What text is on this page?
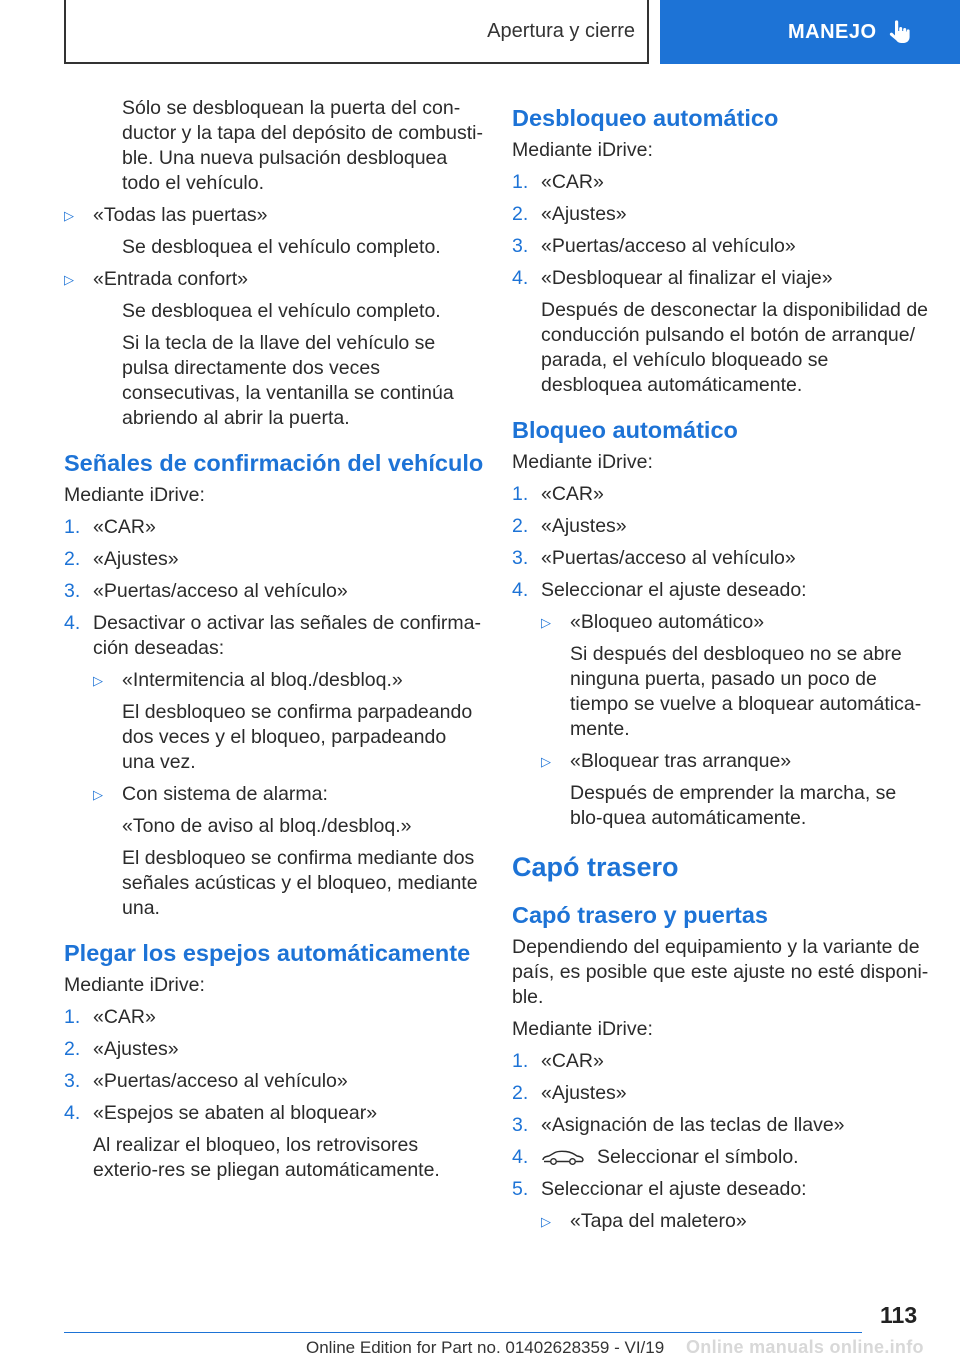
Apertura y cierre	MANEJO

Sólo se desbloquean la puerta del con-ductor y la tapa del depósito de combusti-ble. Una nueva pulsación desbloquea todo el vehículo.

▷ «Todas las puertas»

Se desbloquea el vehículo completo.

▷ «Entrada confort»

Se desbloquea el vehículo completo.

Si la tecla de la llave del vehículo se pulsa directamente dos veces consecutivas, la ventanilla se continúa abriendo al abrir la puerta.

Señales de confirmación del vehículo

Mediante iDrive:

1. «CAR»
2. «Ajustes»
3. «Puertas/acceso al vehículo»
4. Desactivar o activar las señales de confirma-ción deseadas:
▷ «Intermitencia al bloq./desbloq.»

El desbloqueo se confirma parpadeando dos veces y el bloqueo, parpadeando una vez.

▷ Con sistema de alarma:

«Tono de aviso al bloq./desbloq.»

El desbloqueo se confirma mediante dos señales acústicas y el bloqueo, mediante una.

Plegar los espejos automáticamente

Mediante iDrive:

1. «CAR»
2. «Ajustes»
3. «Puertas/acceso al vehículo»
4. «Espejos se abaten al bloquear»

Al realizar el bloqueo, los retrovisores exterio-res se pliegan automáticamente.

Desbloqueo automático

Mediante iDrive:

1. «CAR»
2. «Ajustes»
3. «Puertas/acceso al vehículo»
4. «Desbloquear al finalizar el viaje»

Después de desconectar la disponibilidad de conducción pulsando el botón de arranque/ parada, el vehículo bloqueado se desbloquea automáticamente.

Bloqueo automático

Mediante iDrive:

1. «CAR»
2. «Ajustes»
3. «Puertas/acceso al vehículo»
4. Seleccionar el ajuste deseado:
▷ «Bloqueo automático»

Si después del desbloqueo no se abre ninguna puerta, pasado un poco de tiempo se vuelve a bloquear automática-mente.

▷ «Bloquear tras arranque»

Después de emprender la marcha, se blo-quea automáticamente.

Capó trasero
Capó trasero y puertas

Dependiendo del equipamiento y la variante de país, es posible que este ajuste no esté disponi-ble.

Mediante iDrive:

1. «CAR»
2. «Ajustes»
3. «Asignación de las teclas de llave»
4.	Seleccionar el símbolo.
5. Seleccionar el ajuste deseado:
▷ «Tapa del maletero»
113
Online Edition for Part no. 01402628359 - VI/19 Online manuals online.info
